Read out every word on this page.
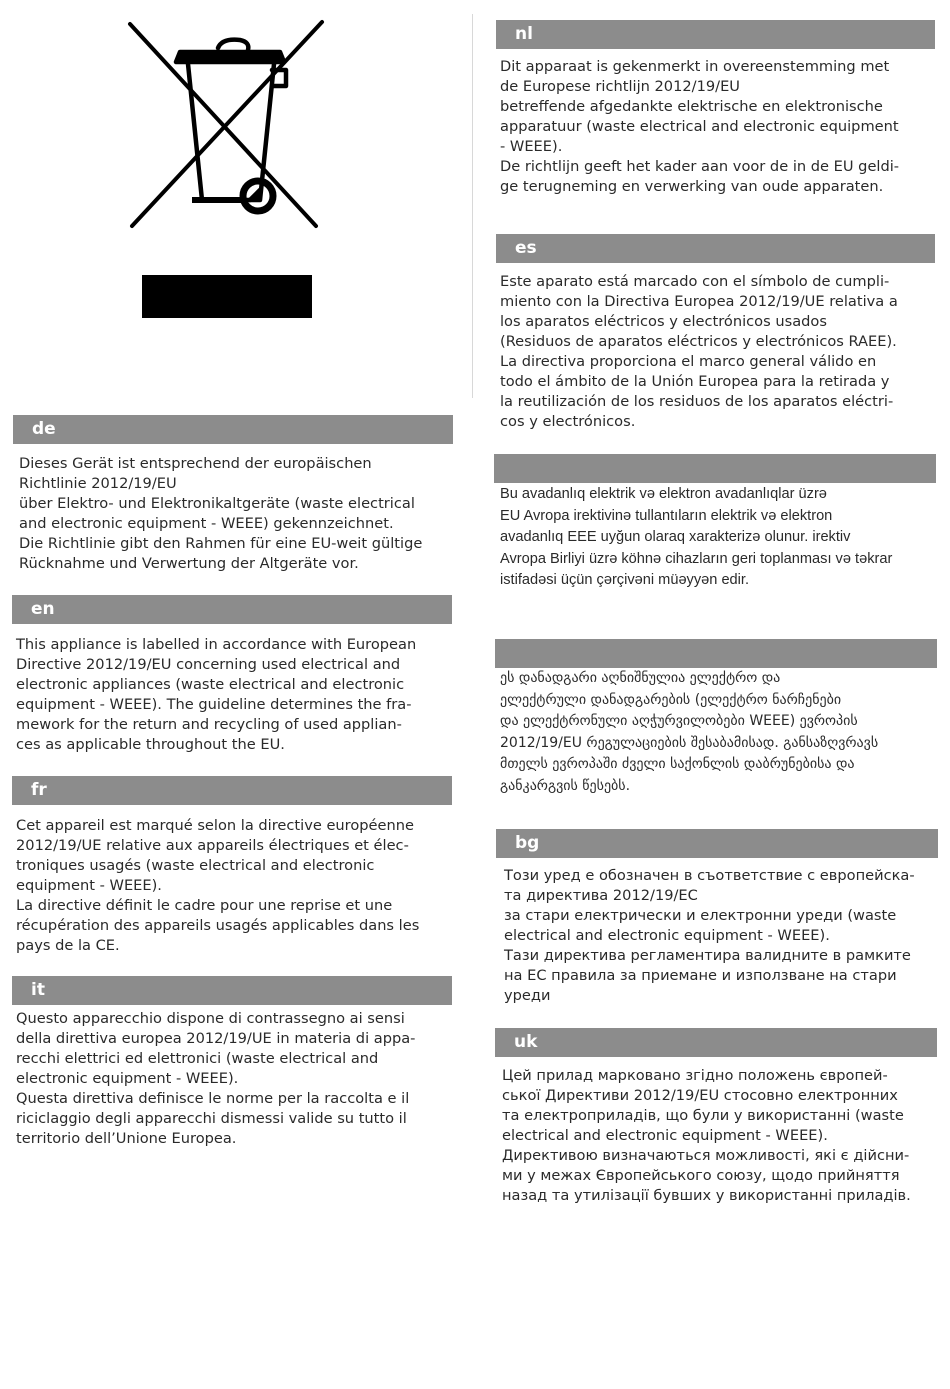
de
Dieses Gerät ist entsprechend der europäischen
Richtlinie 2012/19/EU
über Elektro- und Elektronikaltgeräte (waste electrical
and electronic equipment - WEEE) gekennzeichnet.
Die Richtlinie gibt den Rahmen für eine EU-weit gültige
Rücknahme und Verwertung der Altgeräte vor.
en
This appliance is labelled in accordance with European
Directive 2012/19/EU concerning used electrical and
electronic appliances (waste electrical and electronic
equipment - WEEE). The guideline determines the fra-
mework for the return and recycling of used applian-
ces as applicable throughout the EU.
fr
Cet appareil est marqué selon la directive européenne
2012/19/UE relative aux appareils électriques et élec-
troniques usagés (waste electrical and electronic
equipment - WEEE).
La directive définit le cadre pour une reprise et une
récupération des appareils usagés applicables dans les
pays de la CE.
it
Questo apparecchio dispone di contrassegno ai sensi
della direttiva europea 2012/19/UE in materia di appa-
recchi elettrici ed elettronici (waste electrical and
electronic equipment - WEEE).
Questa direttiva definisce le norme per la raccolta e il
riciclaggio degli apparecchi dismessi valide su tutto il
territorio dell’Unione Europea.
nl
Dit apparaat is gekenmerkt in overeenstemming met
de Europese richtlijn 2012/19/EU
betreffende afgedankte elektrische en elektronische
apparatuur (waste electrical and electronic equipment
- WEEE).
De richtlijn geeft het kader aan voor de in de EU geldi-
ge terugneming en verwerking van oude apparaten.
es
Este aparato está marcado con el símbolo de cumpli-
miento con la Directiva Europea 2012/19/UE relativa a
los aparatos eléctricos y electrónicos usados
(Residuos de aparatos eléctricos y electrónicos RAEE).
La directiva proporciona el marco general válido en
todo el ámbito de la Unión Europea para la retirada y
la reutilización de los residuos de los aparatos eléctri-
cos y electrónicos.
Bu avadanlıq elektrik və elektron avadanlıqlar üzrə
EU Avropa irektivinə tullantıların elektrik və elektron
avadanlıq EEE uyğun olaraq xarakterizə olunur. irektiv
Avropa Birliyi üzrə köhnə cihazların geri toplanması və təkrar
istifadəsi üçün çərçivəni müəyyən edir.
ეს დანადგარი აღნიშნულია ელექტრო და
ელექტრული დანადგარების (ელექტრო ნარჩენები
და ელექტრონული აღჭურვილობები WEEE) ევროპის
2012/19/EU რეგულაციების შესაბამისად. განსაზღვრავს
მთელს ევროპაში ძველი საქონლის დაბრუნებისა და
განკარგვის წესებს.
bg
Този уред е обозначен в съответствие с европейска-
та директива 2012/19/ЕС
за стари електрически и електронни уреди (waste
electrical and electronic equipment - WEEE).
Тази директива регламентира валидните в рамките
на ЕС правила за приемане и използване на стари
уреди
uk
Цей прилад марковано згідно положень європей-
ської Директиви 2012/19/EU стосовно електронних
та електроприладів, що були у використанні (waste
electrical and electronic equipment - WEEE).
Директивою визначаються можливості, які є дійсни-
ми у межах Європейського союзу, щодо прийняття
назад та утилізації бувших у використанні приладів.
